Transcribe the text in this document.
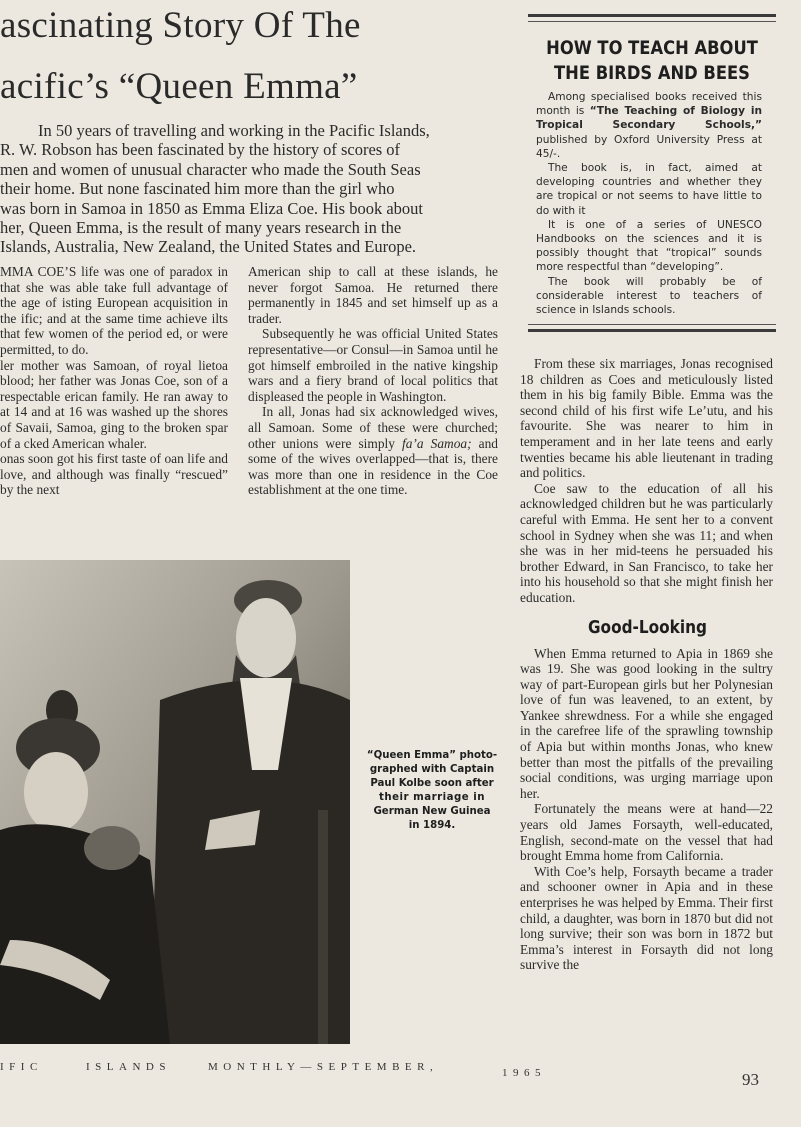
ascinating Story Of The
acific’s “Queen Emma”
In 50 years of travelling and working in the Pacific Islands,
R. W. Robson has been fascinated by the history of scores of
men and women of unusual character who made the South Seas
their home. But none fascinated him more than the girl who
was born in Samoa in 1850 as Emma Eliza Coe. His book about
her, Queen Emma, is the result of many years research in the
Islands, Australia, New Zealand, the United States and Europe.

MMA COE’S life was one of paradox in that she was able take full advantage of the age of isting European acquisition in the ific; and at the same time achieve ilts that few women of the period ed, or were permitted, to do.

ler mother was Samoan, of royal lietoa blood; her father was Jonas Coe, son of a respectable erican family. He ran away to at 14 and at 16 was washed up the shores of Savaii, Samoa, ging to the broken spar of a cked American whaler.

onas soon got his first taste of oan life and love, and although was finally “rescued” by the next

American ship to call at these islands, he never forgot Samoa. He returned there permanently in 1845 and set himself up as a trader.

Subsequently he was official United States representative—or Consul—in Samoa until he got himself embroiled in the native kingship wars and a fiery brand of local politics that displeased the people in Washington.

In all, Jonas had six acknowledged wives, all Samoan. Some of these were churched; other unions were simply fa’a Samoa; and some of the wives overlapped—that is, there was more than one in residence in the Coe establishment at the one time.

HOW TO TEACH ABOUT
THE BIRDS AND BEES

Among specialised books received this month is “The Teaching of Biology in Tropical Secondary Schools,” published by Oxford University Press at 45/-.

The book is, in fact, aimed at developing countries and whether they are tropical or not seems to have little to do with it

It is one of a series of UNESCO Handbooks on the sciences and it is possibly thought that “tropical” sounds more respectful than “developing”.

The book will probably be of considerable interest to teachers of science in Islands schools.

From these six marriages, Jonas recognised 18 children as Coes and meticulously listed them in his big family Bible. Emma was the second child of his first wife Le’utu, and his favourite. She was nearer to him in temperament and in her late teens and early twenties became his able lieutenant in trading and politics.

Coe saw to the education of all his acknowledged children but he was particularly careful with Emma. He sent her to a convent school in Sydney when she was 11; and when she was in her mid-teens he persuaded his brother Edward, in San Francisco, to take her into his household so that she might finish her education.

Good-Looking

When Emma returned to Apia in 1869 she was 19. She was good looking in the sultry way of part-European girls but her Polynesian love of fun was leavened, to an extent, by Yankee shrewdness. For a while she engaged in the carefree life of the sprawling township of Apia but within months Jonas, who knew better than most the pitfalls of the prevailing social conditions, was urging marriage upon her.

Fortunately the means were at hand—22 years old James Forsayth, well-educated, English, second-mate on the vessel that had brought Emma home from California.

With Coe’s help, Forsayth became a trader and schooner owner in Apia and in these enterprises he was helped by Emma. Their first child, a daughter, was born in 1870 but did not long survive; their son was born in 1872 but Emma’s interest in Forsayth did not long survive the

“Queen Emma” photo-
graphed with Captain
Paul Kolbe soon after
their marriage in
German New Guinea
in 1894.
IFIC	ISLANDS	MONTHLY—SEPTEMBER,	1965	93
